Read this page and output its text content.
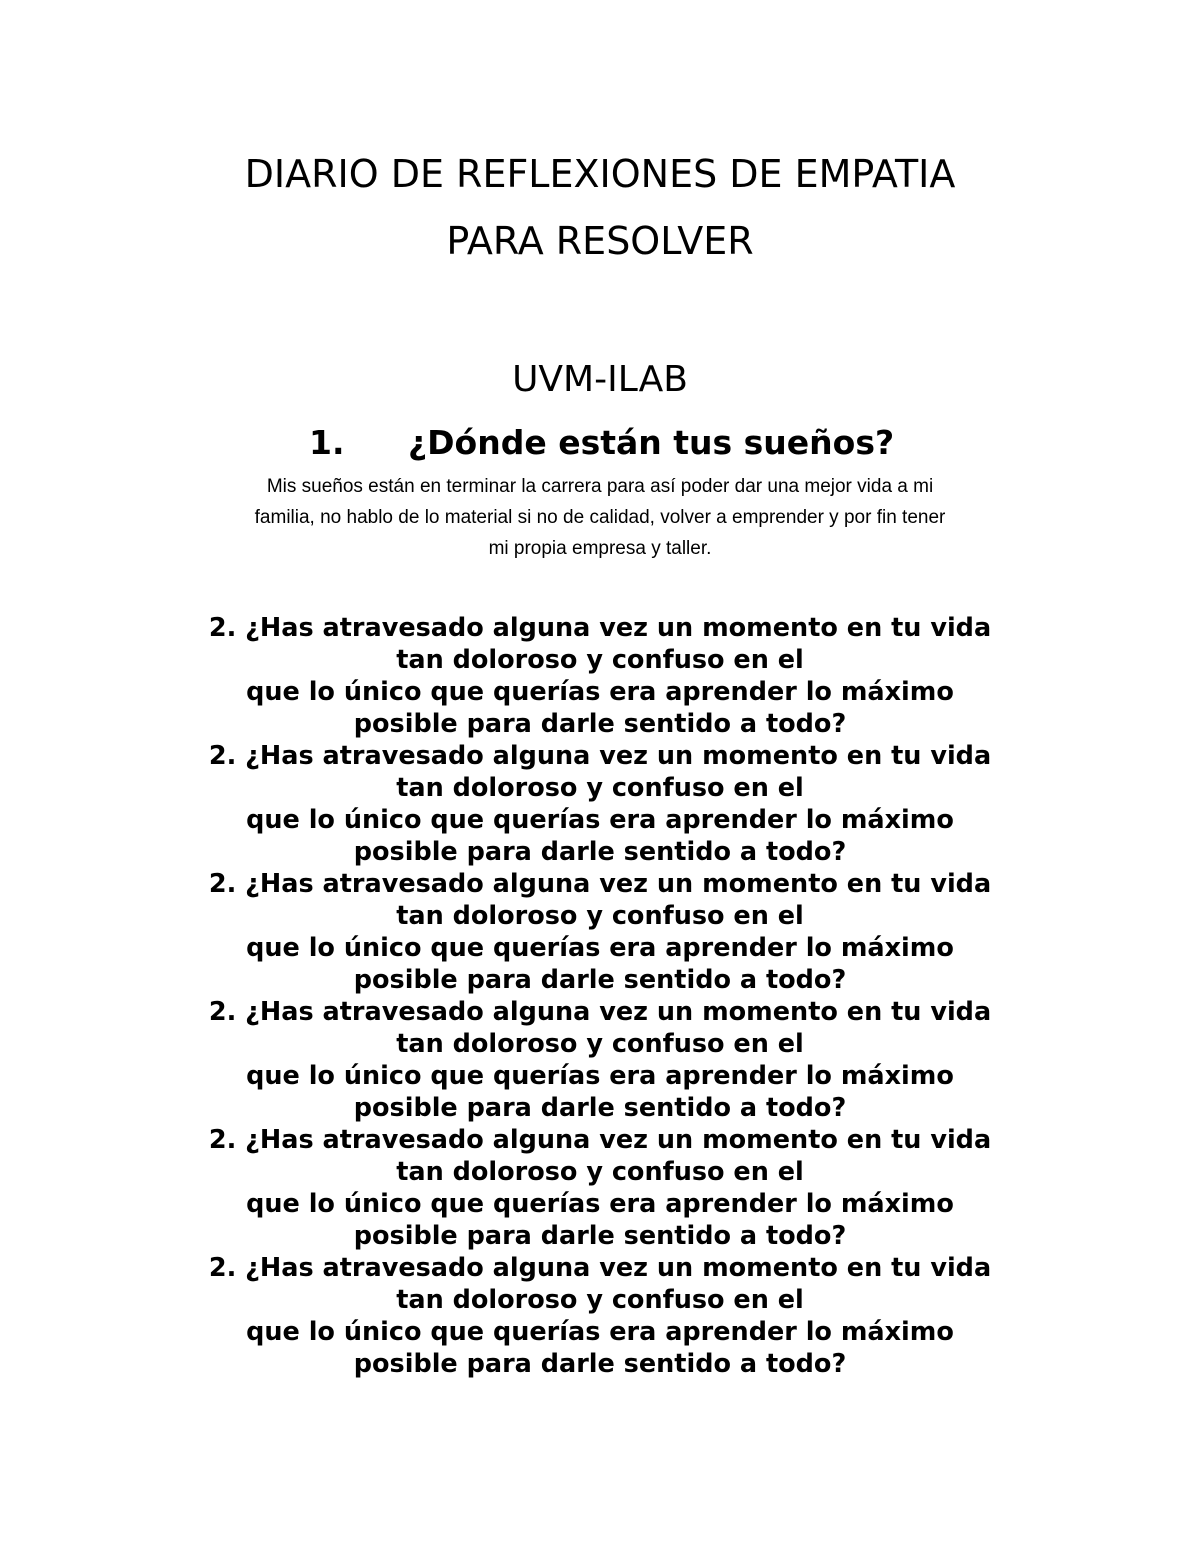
DIARIO DE REFLEXIONES DE EMPATIA
PARA RESOLVER
UVM-ILAB
1. ¿Dónde están tus sueños?
Mis sueños están en terminar la carrera para así poder dar una mejor vida a mi
familia, no hablo de lo material si no de calidad, volver a emprender y por fin tener
mi propia empresa y taller.
2. ¿Has atravesado alguna vez un momento en tu vida
tan doloroso y confuso en el
que lo único que querías era aprender lo máximo
posible para darle sentido a todo?
2. ¿Has atravesado alguna vez un momento en tu vida
tan doloroso y confuso en el
que lo único que querías era aprender lo máximo
posible para darle sentido a todo?
2. ¿Has atravesado alguna vez un momento en tu vida
tan doloroso y confuso en el
que lo único que querías era aprender lo máximo
posible para darle sentido a todo?
2. ¿Has atravesado alguna vez un momento en tu vida
tan doloroso y confuso en el
que lo único que querías era aprender lo máximo
posible para darle sentido a todo?
2. ¿Has atravesado alguna vez un momento en tu vida
tan doloroso y confuso en el
que lo único que querías era aprender lo máximo
posible para darle sentido a todo?
2. ¿Has atravesado alguna vez un momento en tu vida
tan doloroso y confuso en el
que lo único que querías era aprender lo máximo
posible para darle sentido a todo?
